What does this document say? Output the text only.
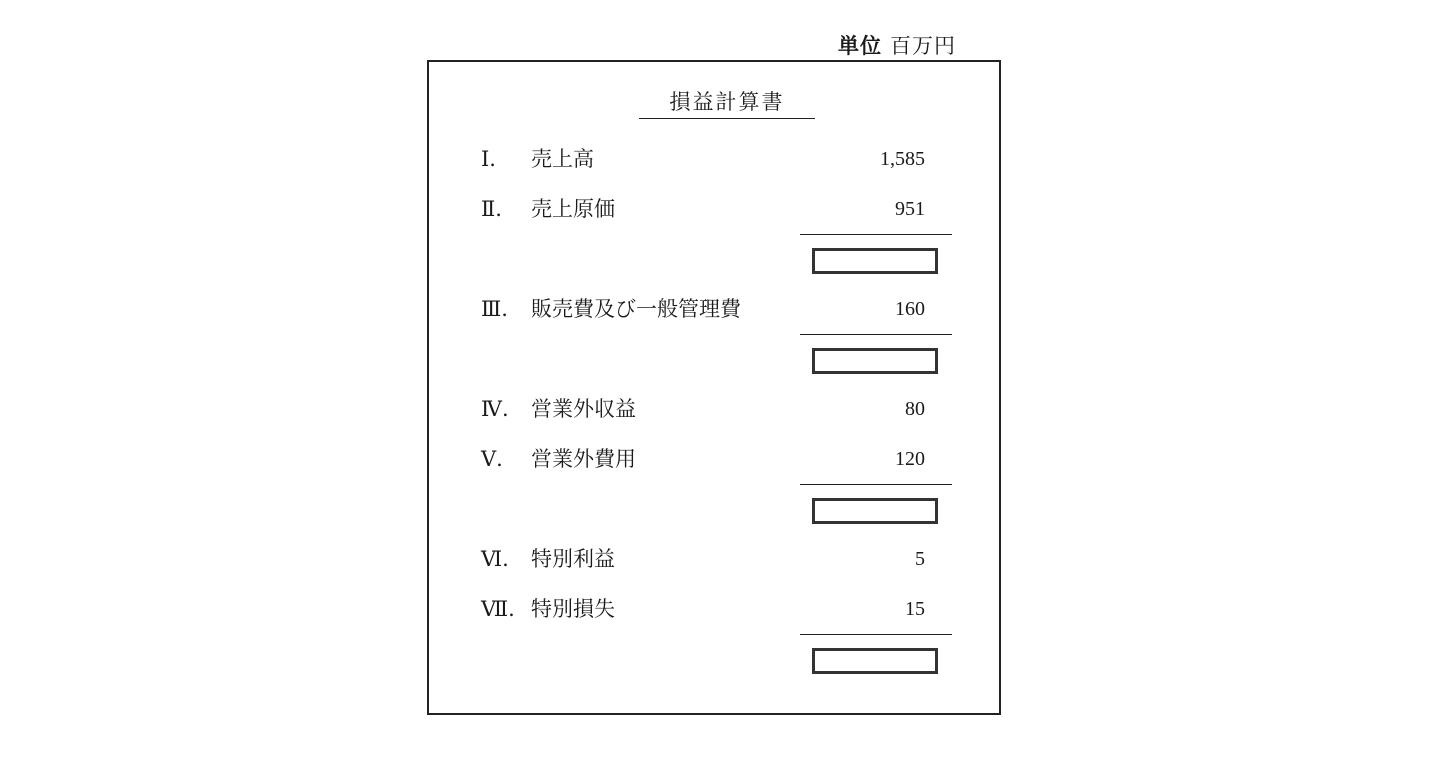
単位 百万円
損益計算書
Ⅰ.	売上高	1,585
Ⅱ.	売上原価	951
Ⅲ.	販売費及び一般管理費	160
Ⅳ.	営業外収益	80
Ⅴ.	営業外費用	120
Ⅵ.	特別利益	5
Ⅶ. 特別損失	15
